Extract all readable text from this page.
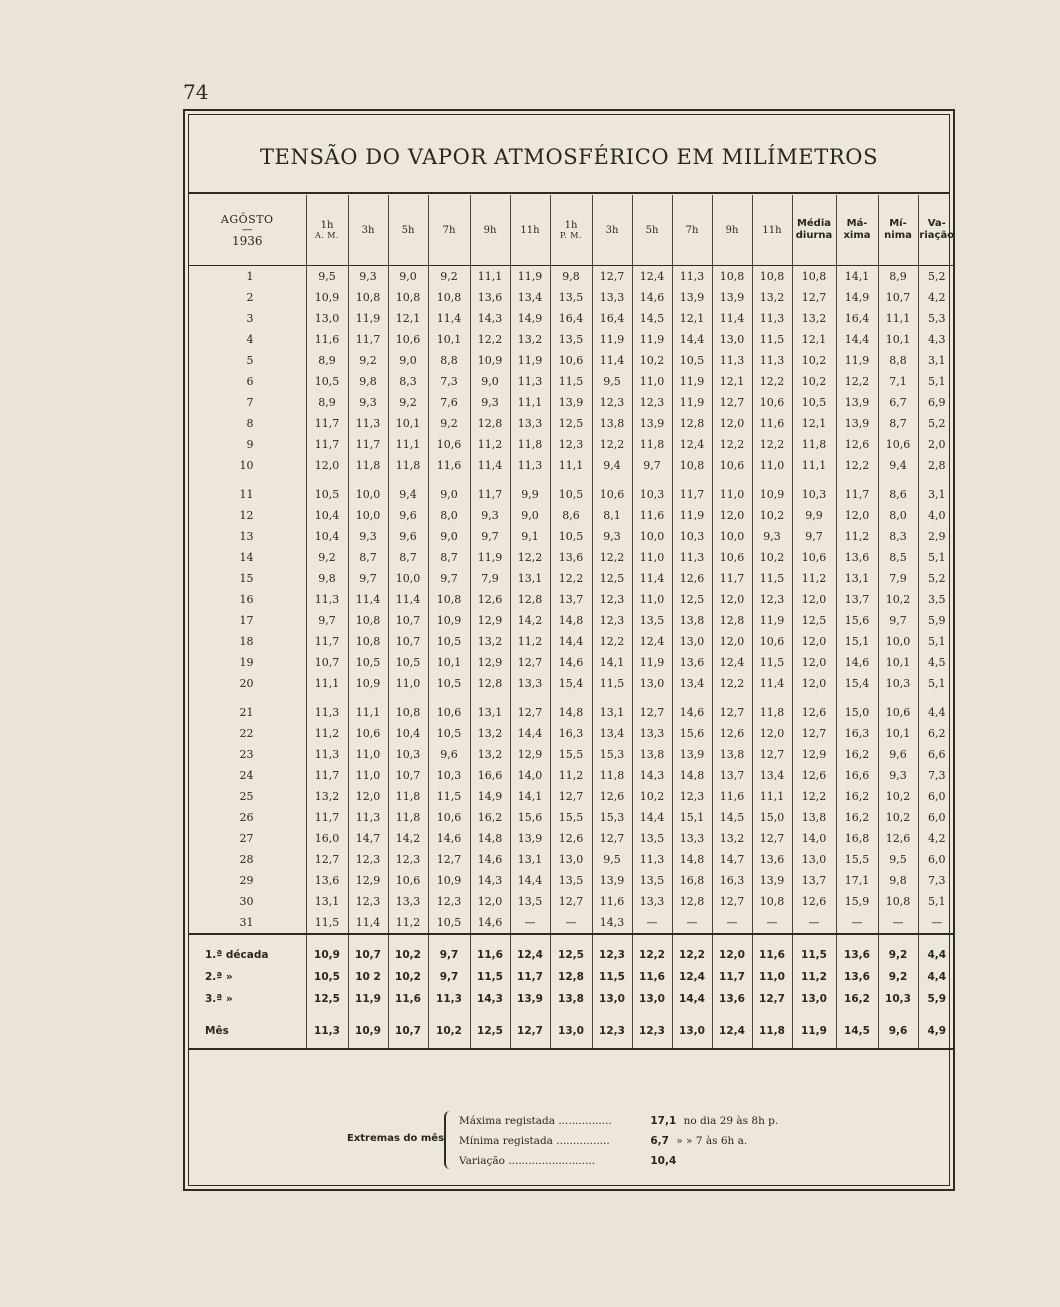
74
TENSÃO DO VAPOR ATMOSFÉRICO EM MILÍMETROS
AGÔSTO
—
1936	1h
A. M.	3h	5h	7h	9h	11h	1h
P. M.	3h	5h	7h	9h	11h	Média diurna	Má- xima	Mí- nima	Va- riação
1	9,5	9,3	9,0	9,2	11,1	11,9	9,8	12,7	12,4	11,3	10,8	10,8	10,8	14,1	8,9	5,2
2	10,9	10,8	10,8	10,8	13,6	13,4	13,5	13,3	14,6	13,9	13,9	13,2	12,7	14,9	10,7	4,2
3	13,0	11,9	12,1	11,4	14,3	14,9	16,4	16,4	14,5	12,1	11,4	11,3	13,2	16,4	11,1	5,3
4	11,6	11,7	10,6	10,1	12,2	13,2	13,5	11,9	11,9	14,4	13,0	11,5	12,1	14,4	10,1	4,3
5	8,9	9,2	9,0	8,8	10,9	11,9	10,6	11,4	10,2	10,5	11,3	11,3	10,2	11,9	8,8	3,1
6	10,5	9,8	8,3	7,3	9,0	11,3	11,5	9,5	11,0	11,9	12,1	12,2	10,2	12,2	7,1	5,1
7	8,9	9,3	9,2	7,6	9,3	11,1	13,9	12,3	12,3	11,9	12,7	10,6	10,5	13,9	6,7	6,9
8	11,7	11,3	10,1	9,2	12,8	13,3	12,5	13,8	13,9	12,8	12,0	11,6	12,1	13,9	8,7	5,2
9	11,7	11,7	11,1	10,6	11,2	11,8	12,3	12,2	11,8	12,4	12,2	12,2	11,8	12,6	10,6	2,0
10	12,0	11,8	11,8	11,6	11,4	11,3	11,1	9,4	9,7	10,8	10,6	11,0	11,1	12,2	9,4	2,8

11	10,5	10,0	9,4	9,0	11,7	9,9	10,5	10,6	10,3	11,7	11,0	10,9	10,3	11,7	8,6	3,1
12	10,4	10,0	9,6	8,0	9,3	9,0	8,6	8,1	11,6	11,9	12,0	10,2	9,9	12,0	8,0	4,0
13	10,4	9,3	9,6	9,0	9,7	9,1	10,5	9,3	10,0	10,3	10,0	9,3	9,7	11,2	8,3	2,9
14	9,2	8,7	8,7	8,7	11,9	12,2	13,6	12,2	11,0	11,3	10,6	10,2	10,6	13,6	8,5	5,1
15	9,8	9,7	10,0	9,7	7,9	13,1	12,2	12,5	11,4	12,6	11,7	11,5	11,2	13,1	7,9	5,2
16	11,3	11,4	11,4	10,8	12,6	12,8	13,7	12,3	11,0	12,5	12,0	12,3	12,0	13,7	10,2	3,5
17	9,7	10,8	10,7	10,9	12,9	14,2	14,8	12,3	13,5	13,8	12,8	11,9	12,5	15,6	9,7	5,9
18	11,7	10,8	10,7	10,5	13,2	11,2	14,4	12,2	12,4	13,0	12,0	10,6	12,0	15,1	10,0	5,1
19	10,7	10,5	10,5	10,1	12,9	12,7	14,6	14,1	11,9	13,6	12,4	11,5	12,0	14,6	10,1	4,5
20	11,1	10,9	11,0	10,5	12,8	13,3	15,4	11,5	13,0	13,4	12,2	11,4	12,0	15,4	10,3	5,1

21	11,3	11,1	10,8	10,6	13,1	12,7	14,8	13,1	12,7	14,6	12,7	11,8	12,6	15,0	10,6	4,4
22	11,2	10,6	10,4	10,5	13,2	14,4	16,3	13,4	13,3	15,6	12,6	12,0	12,7	16,3	10,1	6,2
23	11,3	11,0	10,3	9,6	13,2	12,9	15,5	15,3	13,8	13,9	13,8	12,7	12,9	16,2	9,6	6,6
24	11,7	11,0	10,7	10,3	16,6	14,0	11,2	11,8	14,3	14,8	13,7	13,4	12,6	16,6	9,3	7,3
25	13,2	12,0	11,8	11,5	14,9	14,1	12,7	12,6	10,2	12,3	11,6	11,1	12,2	16,2	10,2	6,0
26	11,7	11,3	11,8	10,6	16,2	15,6	15,5	15,3	14,4	15,1	14,5	15,0	13,8	16,2	10,2	6,0
27	16,0	14,7	14,2	14,6	14,8	13,9	12,6	12,7	13,5	13,3	13,2	12,7	14,0	16,8	12,6	4,2
28	12,7	12,3	12,3	12,7	14,6	13,1	13,0	9,5	11,3	14,8	14,7	13,6	13,0	15,5	9,5	6,0
29	13,6	12,9	10,6	10,9	14,3	14,4	13,5	13,9	13,5	16,8	16,3	13,9	13,7	17,1	9,8	7,3
30	13,1	12,3	13,3	12,3	12,0	13,5	12,7	11,6	13,3	12,8	12,7	10,8	12,6	15,9	10,8	5,1
31	11,5	11,4	11,2	10,5	14,6	—	—	14,3	—	—	—	—	—	—	—	—
1.ª década	10,9	10,7	10,2	9,7	11,6	12,4	12,5	12,3	12,2	12,2	12,0	11,6	11,5	13,6	9,2	4,4
2.ª »	10,5	10 2	10,2	9,7	11,5	11,7	12,8	11,5	11,6	12,4	11,7	11,0	11,2	13,6	9,2	4,4
3.ª »	12,5	11,9	11,6	11,3	14,3	13,9	13,8	13,0	13,0	14,4	13,6	12,7	13,0	16,2	10,3	5,9

Mês	11,3	10,9	10,7	10,2	12,5	12,7	13,0	12,3	12,3	13,0	12,4	11,8	11,9	14,5	9,6	4,9
Extremas do mês
Máxima registada ................	17,1 no dia 29 às 8h p.
Mínima registada ................	6,7 » » 7 às 6h a.
Variação ..........................	10,4
